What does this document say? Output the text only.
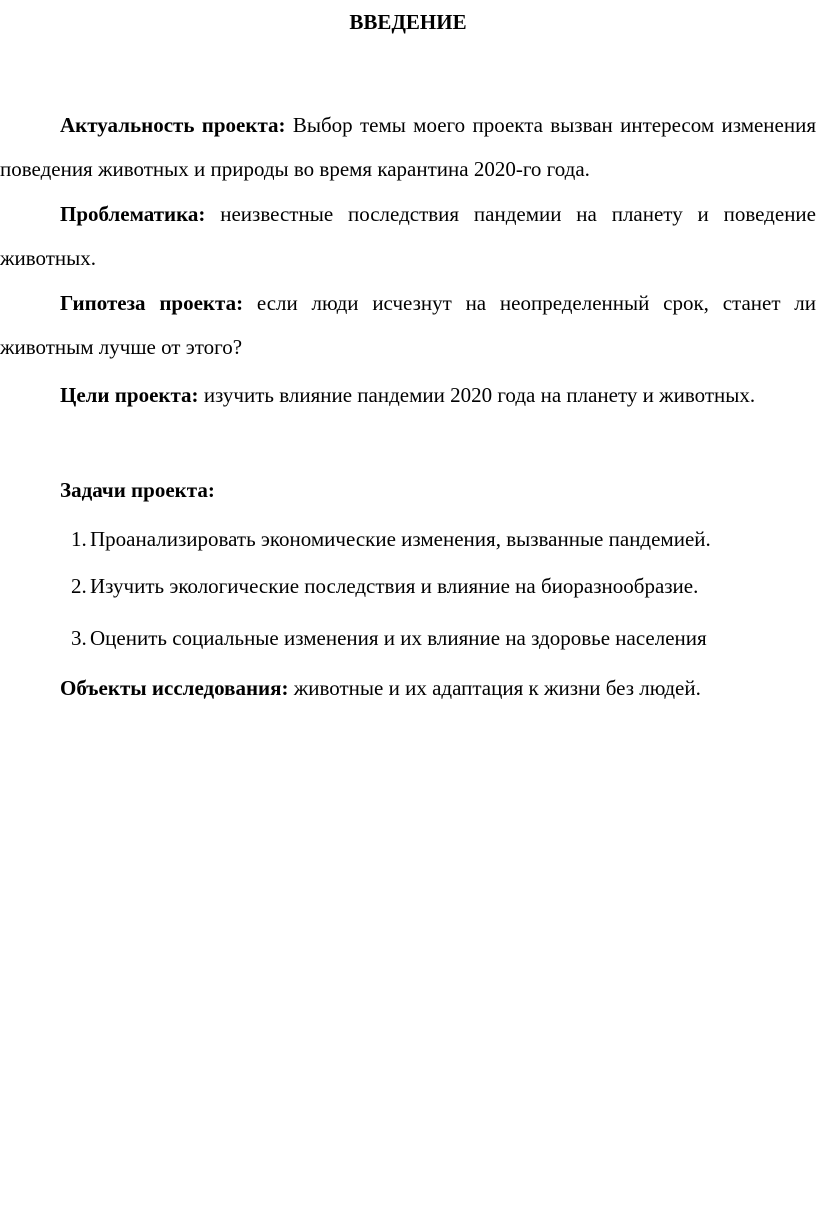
ВВЕДЕНИЕ
Актуальность проекта: Выбор темы моего проекта вызван интересом изменения поведения животных и природы во время карантина 2020-го года.
Проблематика: неизвестные последствия пандемии на планету и поведение животных.
Гипотеза проекта: если люди исчезнут на неопределенный срок, станет ли животным лучше от этого?
Цели проекта: изучить влияние пандемии 2020 года на планету и животных.
Задачи проекта:
1. Проанализировать экономические изменения, вызванные пандемией.
2. Изучить экологические последствия и влияние на биоразнообразие.
3. Оценить социальные изменения и их влияние на здоровье населения
Объекты исследования: животные и их адаптация к жизни без людей.
